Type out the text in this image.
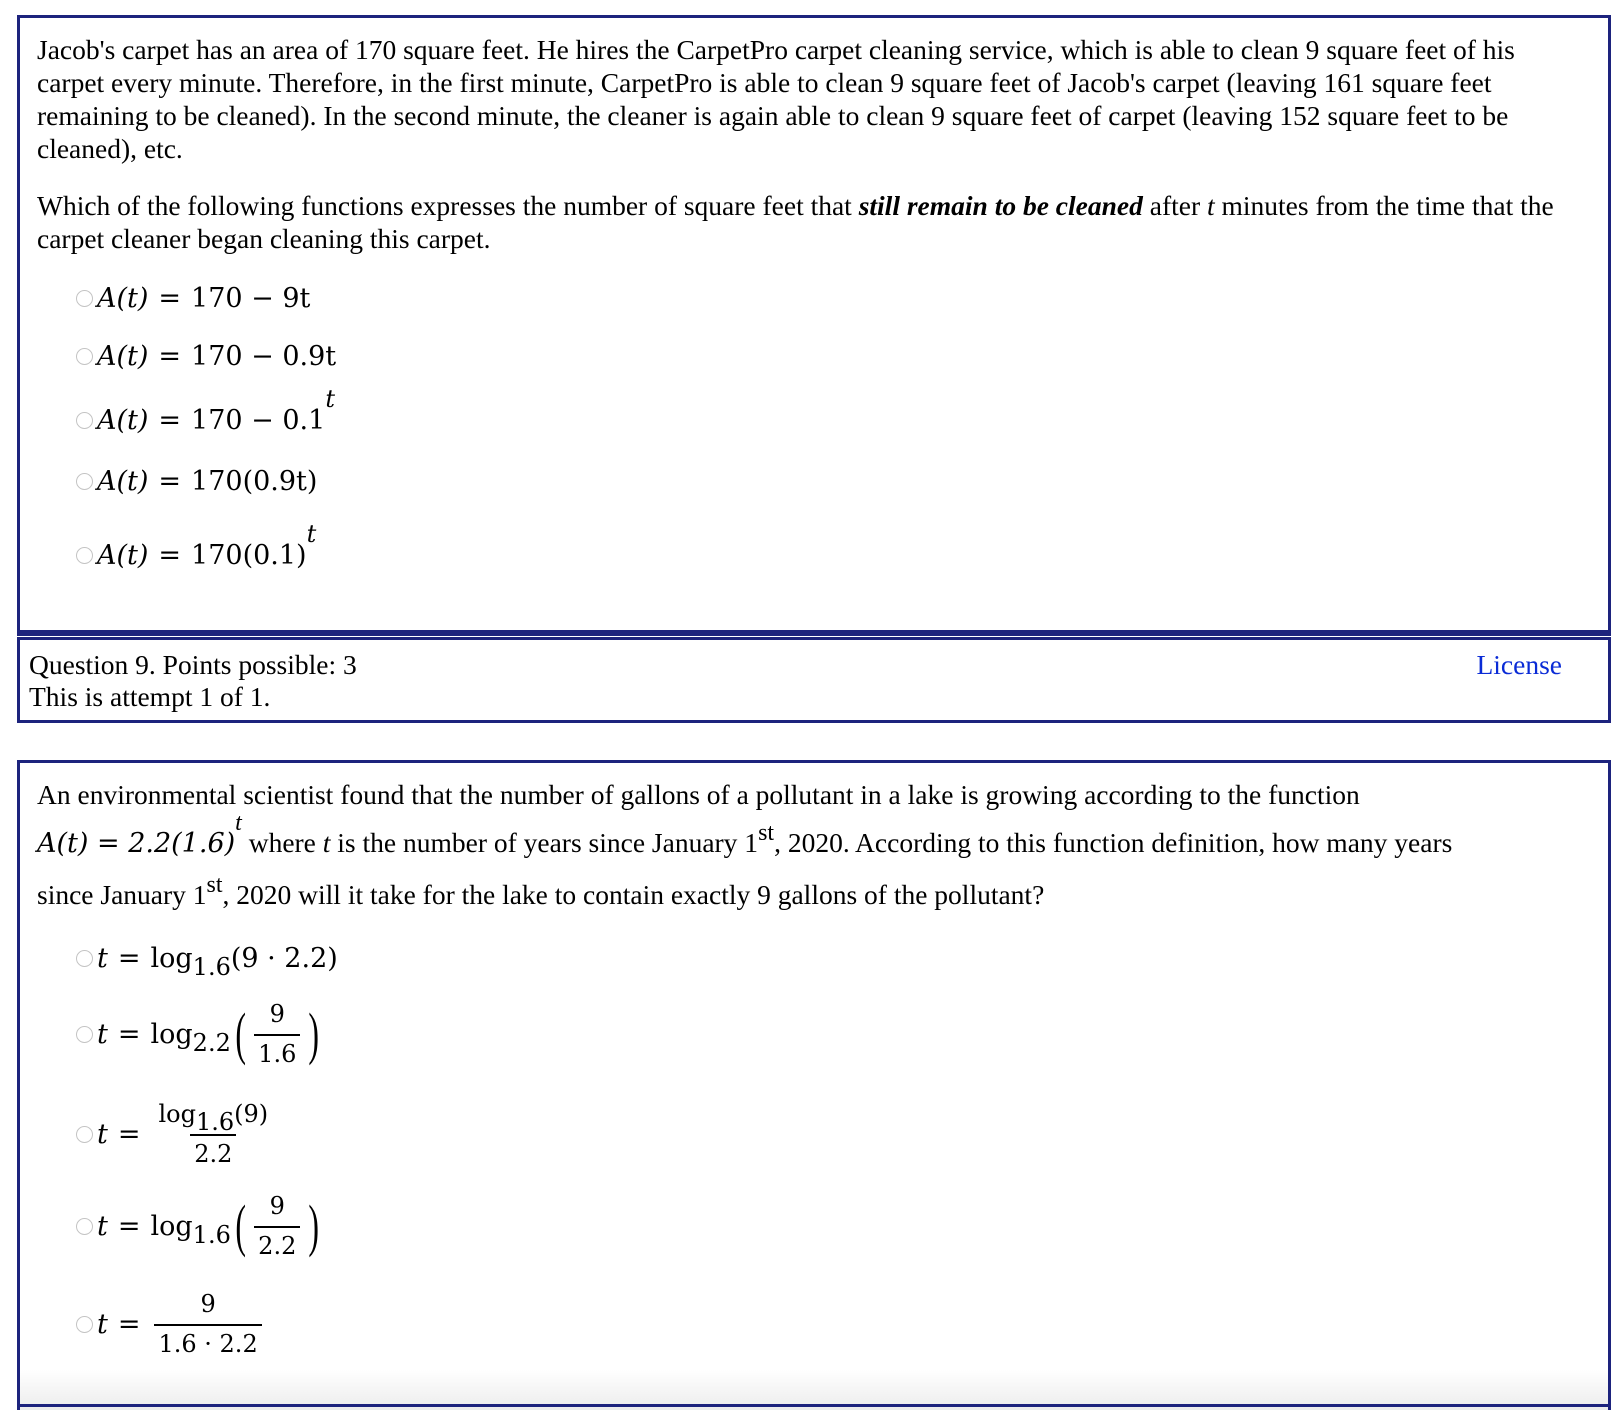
Jacob's carpet has an area of 170 square feet. He hires the CarpetPro carpet cleaning service, which is able to clean 9 square feet of his carpet every minute. Therefore, in the first minute, CarpetPro is able to clean 9 square feet of Jacob's carpet (leaving 161 square feet remaining to be cleaned). In the second minute, the cleaner is again able to clean 9 square feet of carpet (leaving 152 square feet to be cleaned), etc.

Which of the following functions expresses the number of square feet that still remain to be cleaned after t minutes from the time that the carpet cleaner began cleaning this carpet.

A(t) = 170 − 9t
A(t) = 170 − 0.9t
A(t) = 170 − 0.1t
A(t) = 170(0.9t)
A(t) = 170(0.1)t
Question 9. Points possible: 3
This is attempt 1 of 1.
License

An environmental scientist found that the number of gallons of a pollutant in a lake is growing according to the function

A(t) = 2.2(1.6)t where t is the number of years since January 1st, 2020. According to this function definition, how many years

since January 1st, 2020 will it take for the lake to contain exactly 9 gallons of the pollutant?

t = log1.6(9 · 2.2)
t = log2.2 ( $\frac{9}{1.6}$ )
$t = \frac{\log 1.6(9)}{2.2}$
t = log1.6 ( $\frac{9}{2.2}$ )
$t = \frac{9}{1.6 \cdot 2.2}$
